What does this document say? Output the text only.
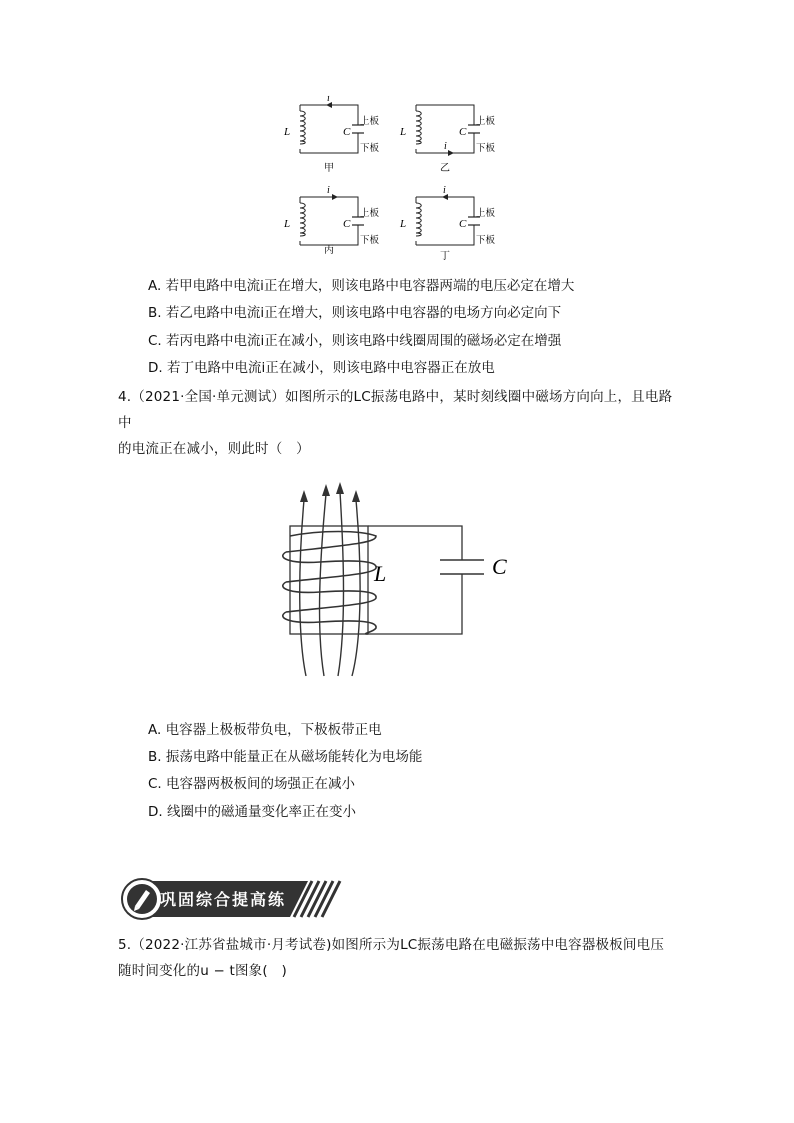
i
L	C
上板
下板
甲
i
L	C
上板
下板
乙
i
L	C
上板
下板
丙
i
L	C
上板
下板
丁
A. 若甲电路中电流i正在增大，则该电路中电容器两端的电压必定在增大
B. 若乙电路中电流i正在增大，则该电路中电容器的电场方向必定向下
C. 若丙电路中电流i正在减小，则该电路中线圈周围的磁场必定在增强
D. 若丁电路中电流i正在减小，则该电路中电容器正在放电
4.（2021·全国·单元测试）如图所示的LC振荡电路中，某时刻线圈中磁场方向向上，且电路中
的电流正在减小，则此时（　）
L	C
A. 电容器上极板带负电，下极板带正电
B. 振荡电路中能量正在从磁场能转化为电场能
C. 电容器两极板间的场强正在减小
D. 线圈中的磁通量变化率正在变小
巩固综合提高练
5.（2022·江苏省盐城市·月考试卷)如图所示为LC振荡电路在电磁振荡中电容器极板间电压
随时间变化的u − t图象(　)
